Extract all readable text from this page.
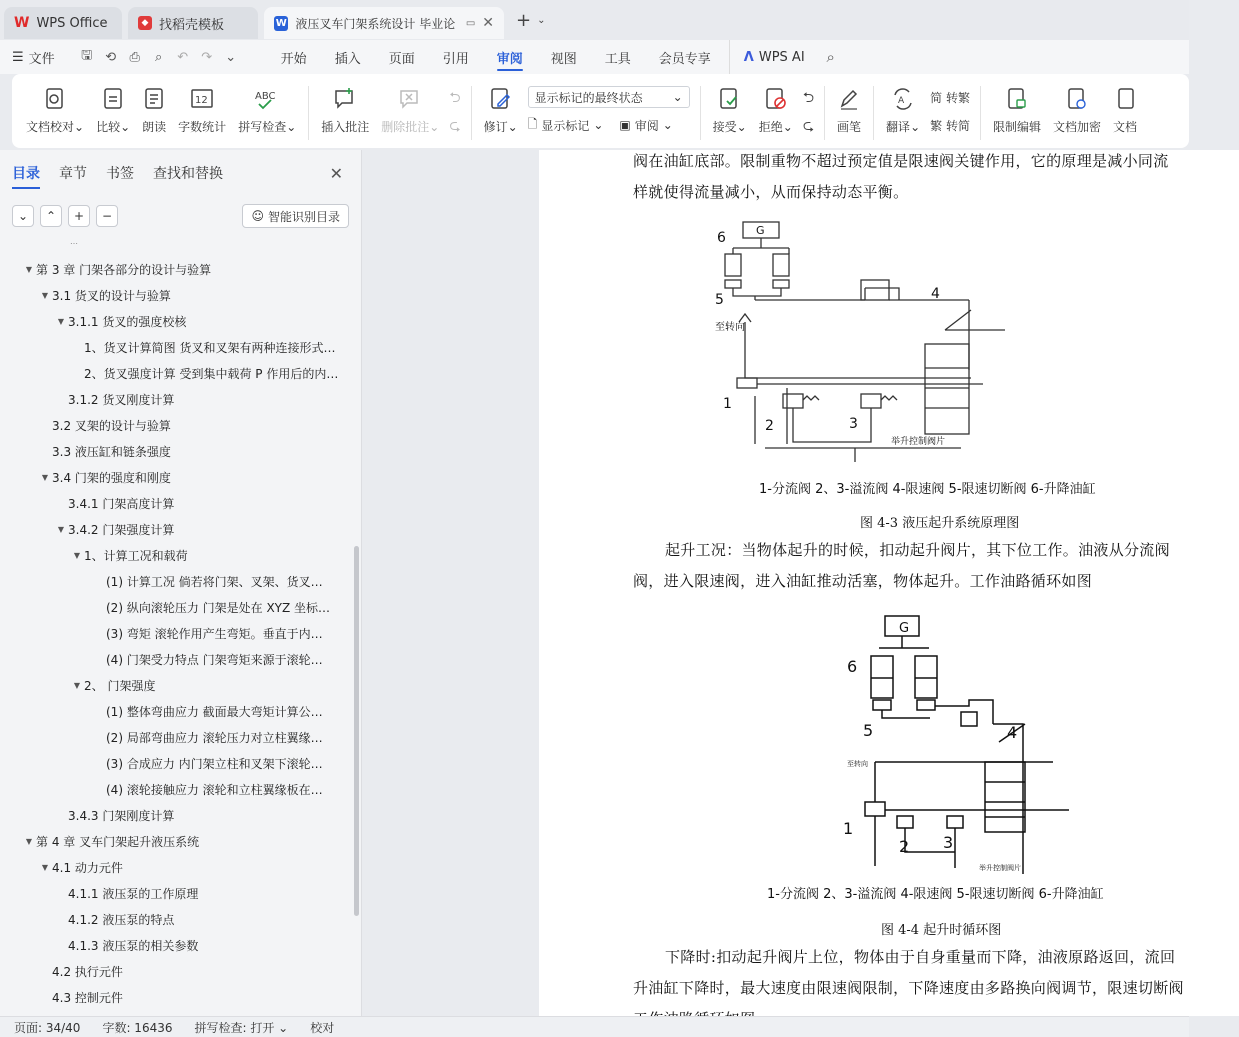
W WPS Office	◆ 找稻壳模板	W 液压叉车门架系统设计 毕业论	▭ ✕ + ⌄
☰ 文件	🖫	⟲	⎙	⌕	↶	↷	⌄	开始 插入 页面 引用 审阅 视图 工具 会员专享	Ʌ WPS AI	⌕
文档校对⌄ 比较⌄ 朗读
12
字数统计
ABC
拼写检查⌄ 插入批注 删除批注⌄
⮌
⮎ 修订⌄
显示标记的最终状态 ⌄
🗋 显示标记 ⌄ ▣ 审阅 ⌄	接受⌄ 拒绝⌄
⮌
⮎ 画笔
A
翻译⌄
简 转繁
繁 转简 限制编辑 文档加密 文档
目录 章节 书签 查找和替换	✕
⌄ ⌃ + −	☺ 智能识别目录
…
▼ 第 3 章 门架各部分的设计与验算
▼ 3.1 货叉的设计与验算
▼ 3.1.1 货叉的强度校核
1、货叉计算简图 货叉和叉架有两种连接形式…
2、货叉强度计算 受到集中载荷 P 作用后的内…
3.1.2 货叉刚度计算
3.2 叉架的设计与验算
3.3 液压缸和链条强度
▼ 3.4 门架的强度和刚度
3.4.1 门架高度计算
▼ 3.4.2 门架强度计算
▼ 1、计算工况和载荷
(1) 计算工况 倘若将门架、叉架、货叉…
(2) 纵向滚轮压力 门架是处在 XYZ 坐标…
(3) 弯矩 滚轮作用产生弯矩。垂直于内…
(4) 门架受力特点 门架弯矩来源于滚轮…
▼ 2、 门架强度
(1) 整体弯曲应力 截面最大弯矩计算公…
(2) 局部弯曲应力 滚轮压力对立柱翼缘…
(3) 合成应力 内门架立柱和叉架下滚轮…
(4) 滚轮接触应力 滚轮和立柱翼缘板在…
3.4.3 门架刚度计算
▼ 第 4 章 叉车门架起升液压系统
▼ 4.1 动力元件
4.1.1 液压泵的工作原理
4.1.2 液压泵的特点
4.1.3 液压泵的相关参数
4.2 执行元件
4.3 控制元件
阀在油缸底部。限制重物不超过预定值是限速阀关键作用，它的原理是减小同流
样就使得流量减小，从而保持动态平衡。
6	G
5	4
至转向
1
2	3
举升控制阀片
1-分流阀 2、3-溢流阀 4-限速阀 5-限速切断阀 6-升降油缸
图 4-3 液压起升系统原理图
起升工况：当物体起升的时候，扣动起升阀片，其下位工作。油液从分流阀
阀，进入限速阀，进入油缸推动活塞，物体起升。工作油路循环如图
6
G
5	4
至转向
1
2 3
举升控制阀片
1-分流阀 2、3-溢流阀 4-限速阀 5-限速切断阀 6-升降油缸
图 4-4 起升时循环图
下降时:扣动起升阀片上位，物体由于自身重量而下降，油液原路返回，流回
升油缸下降时，最大速度由限速阀限制，下降速度由多路换向阀调节，限速切断阀
页面: 34/40 字数: 16436 拼写检查: 打开 ⌄ 校对
